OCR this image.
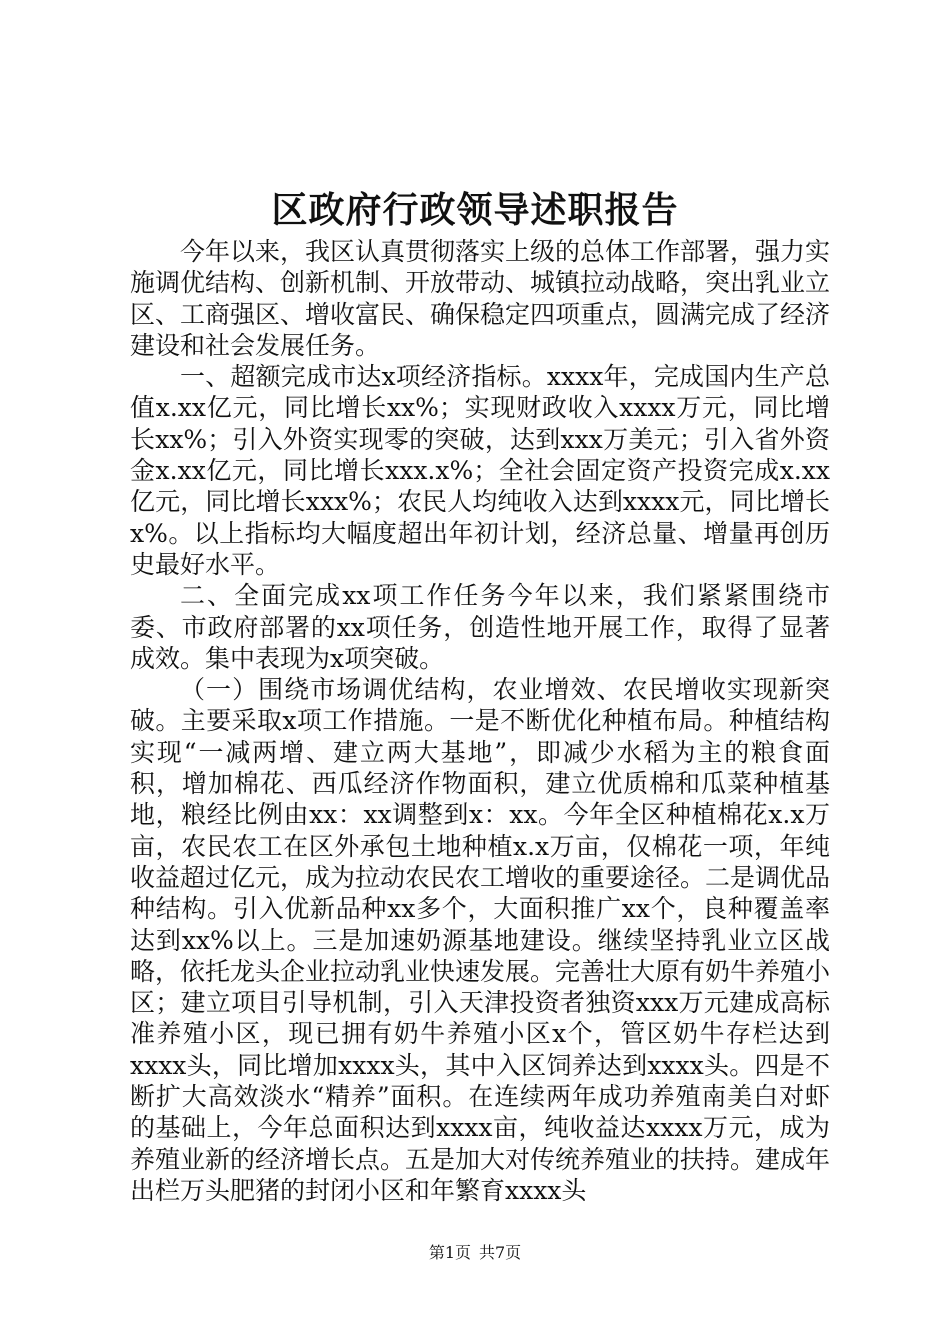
区政府行政领导述职报告

今年以来，我区认真贯彻落实上级的总体工作部署，强力实施调优结构、创新机制、开放带动、城镇拉动战略，突出乳业立区、工商强区、增收富民、确保稳定四项重点，圆满完成了经济建设和社会发展任务。

一、超额完成市达x项经济指标。xxxx年，完成国内生产总值x.xx亿元，同比增长xx%；实现财政收入xxxx万元，同比增长xx%；引入外资实现零的突破，达到xxx万美元；引入省外资金x.xx亿元，同比增长xxx.x%；全社会固定资产投资完成x.xx亿元，同比增长xxx%；农民人均纯收入达到xxxx元，同比增长x%。以上指标均大幅度超出年初计划，经济总量、增量再创历史最好水平。

二、全面完成xx项工作任务今年以来，我们紧紧围绕市委、市政府部署的xx项任务，创造性地开展工作，取得了显著成效。集中表现为x项突破。

（一）围绕市场调优结构，农业增效、农民增收实现新突破。主要采取x项工作措施。一是不断优化种植布局。种植结构实现“一减两增、建立两大基地”，即减少水稻为主的粮食面积，增加棉花、西瓜经济作物面积，建立优质棉和瓜菜种植基地，粮经比例由xx：xx调整到x：xx。今年全区种植棉花x.x万亩，农民农工在区外承包土地种植x.x万亩，仅棉花一项，年纯收益超过亿元，成为拉动农民农工增收的重要途径。二是调优品种结构。引入优新品种xx多个，大面积推广xx个，良种覆盖率达到xx%以上。三是加速奶源基地建设。继续坚持乳业立区战略，依托龙头企业拉动乳业快速发展。完善壮大原有奶牛养殖小区；建立项目引导机制，引入天津投资者独资xxx万元建成高标准养殖小区，现已拥有奶牛养殖小区x个，管区奶牛存栏达到xxxx头，同比增加xxxx头，其中入区饲养达到xxxx头。四是不断扩大高效淡水“精养”面积。在连续两年成功养殖南美白对虾的基础上，今年总面积达到xxxx亩，纯收益达xxxx万元，成为养殖业新的经济增长点。五是加大对传统养殖业的扶持。建成年出栏万头肥猪的封闭小区和年繁育xxxx头

第1页 共7页
